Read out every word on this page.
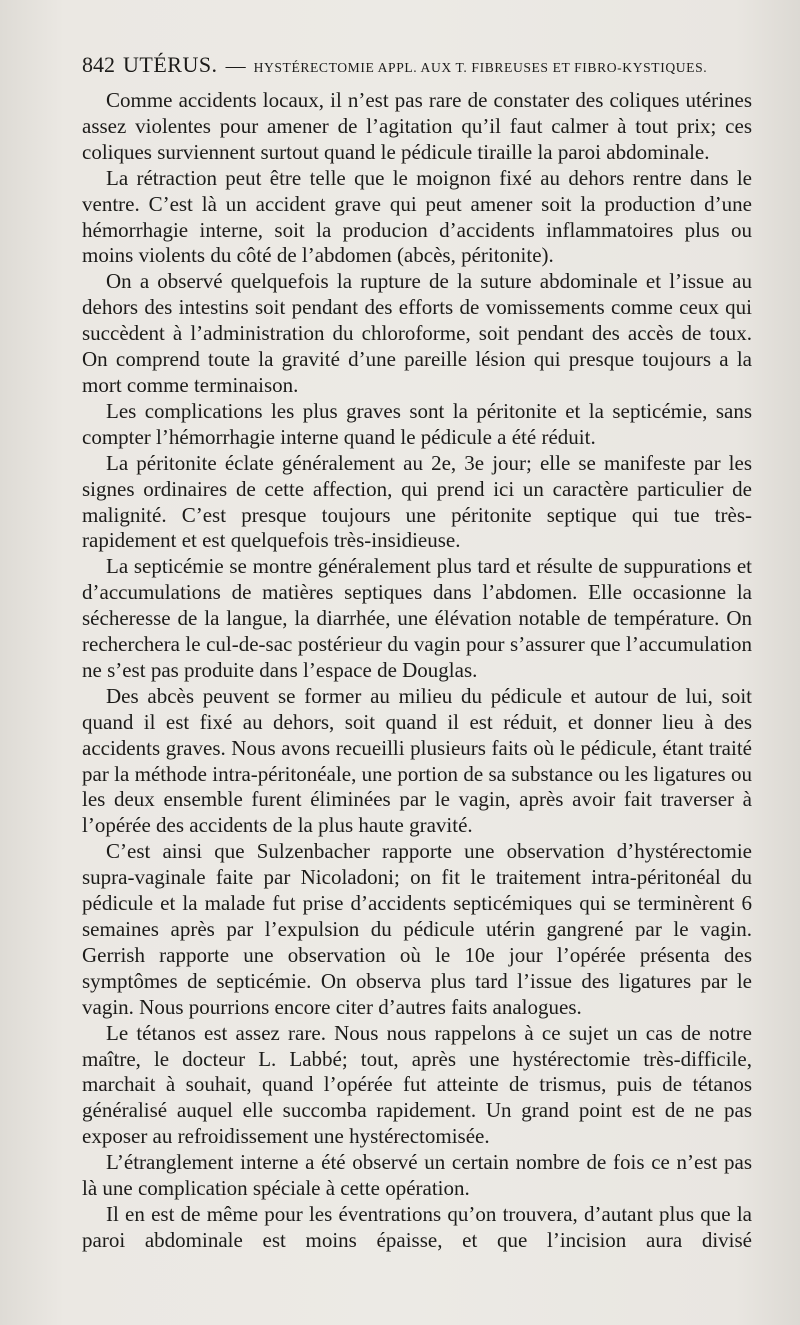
842 UTÉRUS. — HYSTÉRECTOMIE APPL. AUX T. FIBREUSES ET FIBRO-KYSTIQUES.

Comme accidents locaux, il n’est pas rare de constater des coliques utérines assez violentes pour amener de l’agitation qu’il faut calmer à tout prix; ces coliques surviennent surtout quand le pédicule tiraille la paroi abdominale.

La rétraction peut être telle que le moignon fixé au dehors rentre dans le ventre. C’est là un accident grave qui peut amener soit la production d’une hémorrhagie interne, soit la producion d’accidents inflammatoires plus ou moins violents du côté de l’abdomen (abcès, péritonite).

On a observé quelquefois la rupture de la suture abdominale et l’issue au dehors des intestins soit pendant des efforts de vomissements comme ceux qui succèdent à l’administration du chloroforme, soit pendant des accès de toux. On comprend toute la gravité d’une pareille lésion qui presque toujours a la mort comme terminaison.

Les complications les plus graves sont la péritonite et la septicémie, sans compter l’hémorrhagie interne quand le pédicule a été réduit.

La péritonite éclate généralement au 2e, 3e jour; elle se manifeste par les signes ordinaires de cette affection, qui prend ici un caractère particulier de malignité. C’est presque toujours une péritonite septique qui tue très-rapidement et est quelquefois très-insidieuse.

La septicémie se montre généralement plus tard et résulte de suppurations et d’accumulations de matières septiques dans l’abdomen. Elle occasionne la sécheresse de la langue, la diarrhée, une élévation notable de température. On recherchera le cul-de-sac postérieur du vagin pour s’assurer que l’accumulation ne s’est pas produite dans l’espace de Douglas.

Des abcès peuvent se former au milieu du pédicule et autour de lui, soit quand il est fixé au dehors, soit quand il est réduit, et donner lieu à des accidents graves. Nous avons recueilli plusieurs faits où le pédicule, étant traité par la méthode intra-péritonéale, une portion de sa substance ou les ligatures ou les deux ensemble furent éliminées par le vagin, après avoir fait traverser à l’opérée des accidents de la plus haute gravité.

C’est ainsi que Sulzenbacher rapporte une observation d’hystérectomie supra-vaginale faite par Nicoladoni; on fit le traitement intra-péritonéal du pédicule et la malade fut prise d’accidents septicémiques qui se terminèrent 6 semaines après par l’expulsion du pédicule utérin gangrené par le vagin. Gerrish rapporte une observation où le 10e jour l’opérée présenta des symptômes de septicémie. On observa plus tard l’issue des ligatures par le vagin. Nous pourrions encore citer d’autres faits analogues.

Le tétanos est assez rare. Nous nous rappelons à ce sujet un cas de notre maître, le docteur L. Labbé; tout, après une hystérectomie très-difficile, marchait à souhait, quand l’opérée fut atteinte de trismus, puis de tétanos généralisé auquel elle succomba rapidement. Un grand point est de ne pas exposer au refroidissement une hystérectomisée.

L’étranglement interne a été observé un certain nombre de fois ce n’est pas là une complication spéciale à cette opération.

Il en est de même pour les éventrations qu’on trouvera, d’autant plus que la paroi abdominale est moins épaisse, et que l’incision aura divisé
